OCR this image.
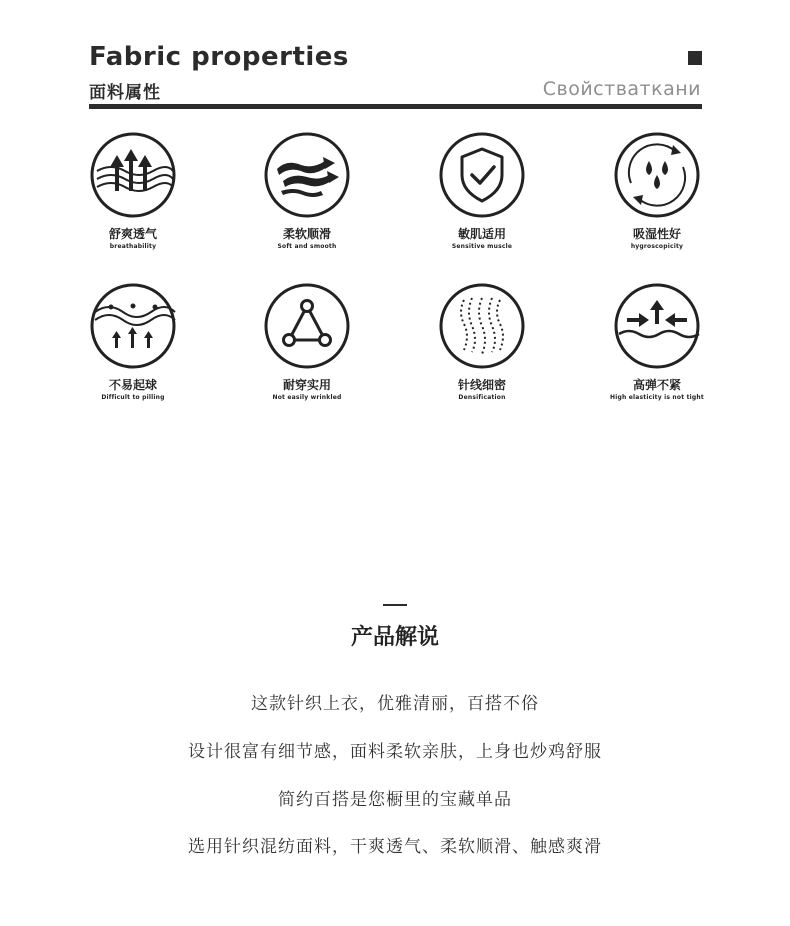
Fabric properties
面料属性	Свойстваткани
舒爽透气
breathability
柔软顺滑
Soft and smooth
敏肌适用
Sensitive muscle
吸湿性好
hygroscopicity
不易起球
Difficult to pilling
耐穿实用
Not easily wrinkled
针线细密
Densification
高弹不紧
High elasticity is not tight
产品解说
这款针织上衣，优雅清丽，百搭不俗
设计很富有细节感，面料柔软亲肤，上身也炒鸡舒服
简约百搭是您橱里的宝藏单品
选用针织混纺面料，干爽透气、柔软顺滑、触感爽滑
